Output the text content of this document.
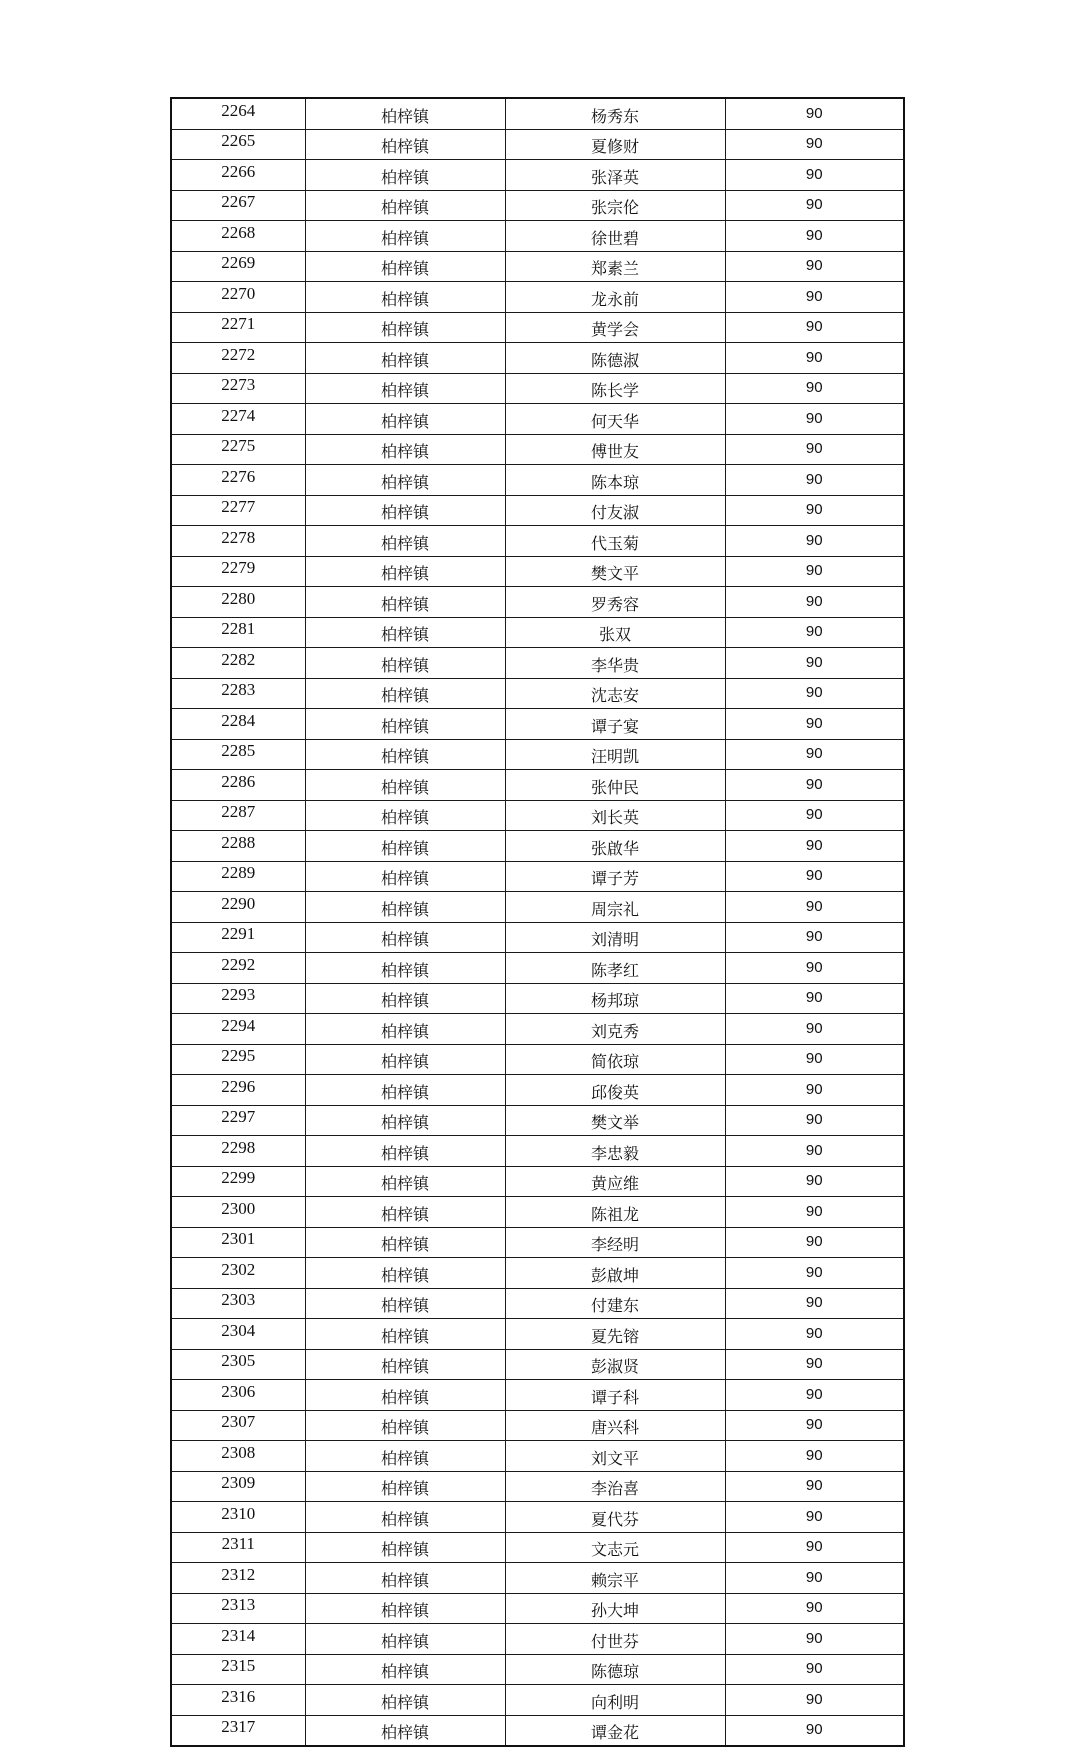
2264	柏梓镇	杨秀东	90
2265	柏梓镇	夏修财	90
2266	柏梓镇	张泽英	90
2267	柏梓镇	张宗伦	90
2268	柏梓镇	徐世碧	90
2269	柏梓镇	郑素兰	90
2270	柏梓镇	龙永前	90
2271	柏梓镇	黄学会	90
2272	柏梓镇	陈德淑	90
2273	柏梓镇	陈长学	90
2274	柏梓镇	何天华	90
2275	柏梓镇	傅世友	90
2276	柏梓镇	陈本琼	90
2277	柏梓镇	付友淑	90
2278	柏梓镇	代玉菊	90
2279	柏梓镇	樊文平	90
2280	柏梓镇	罗秀容	90
2281	柏梓镇	张双	90
2282	柏梓镇	李华贵	90
2283	柏梓镇	沈志安	90
2284	柏梓镇	谭子宴	90
2285	柏梓镇	汪明凯	90
2286	柏梓镇	张仲民	90
2287	柏梓镇	刘长英	90
2288	柏梓镇	张啟华	90
2289	柏梓镇	谭子芳	90
2290	柏梓镇	周宗礼	90
2291	柏梓镇	刘清明	90
2292	柏梓镇	陈孝红	90
2293	柏梓镇	杨邦琼	90
2294	柏梓镇	刘克秀	90
2295	柏梓镇	简依琼	90
2296	柏梓镇	邱俊英	90
2297	柏梓镇	樊文举	90
2298	柏梓镇	李忠毅	90
2299	柏梓镇	黄应维	90
2300	柏梓镇	陈祖龙	90
2301	柏梓镇	李经明	90
2302	柏梓镇	彭啟坤	90
2303	柏梓镇	付建东	90
2304	柏梓镇	夏先镕	90
2305	柏梓镇	彭淑贤	90
2306	柏梓镇	谭子科	90
2307	柏梓镇	唐兴科	90
2308	柏梓镇	刘文平	90
2309	柏梓镇	李治喜	90
2310	柏梓镇	夏代芬	90
2311	柏梓镇	文志元	90
2312	柏梓镇	赖宗平	90
2313	柏梓镇	孙大坤	90
2314	柏梓镇	付世芬	90
2315	柏梓镇	陈德琼	90
2316	柏梓镇	向利明	90
2317	柏梓镇	谭金花	90
